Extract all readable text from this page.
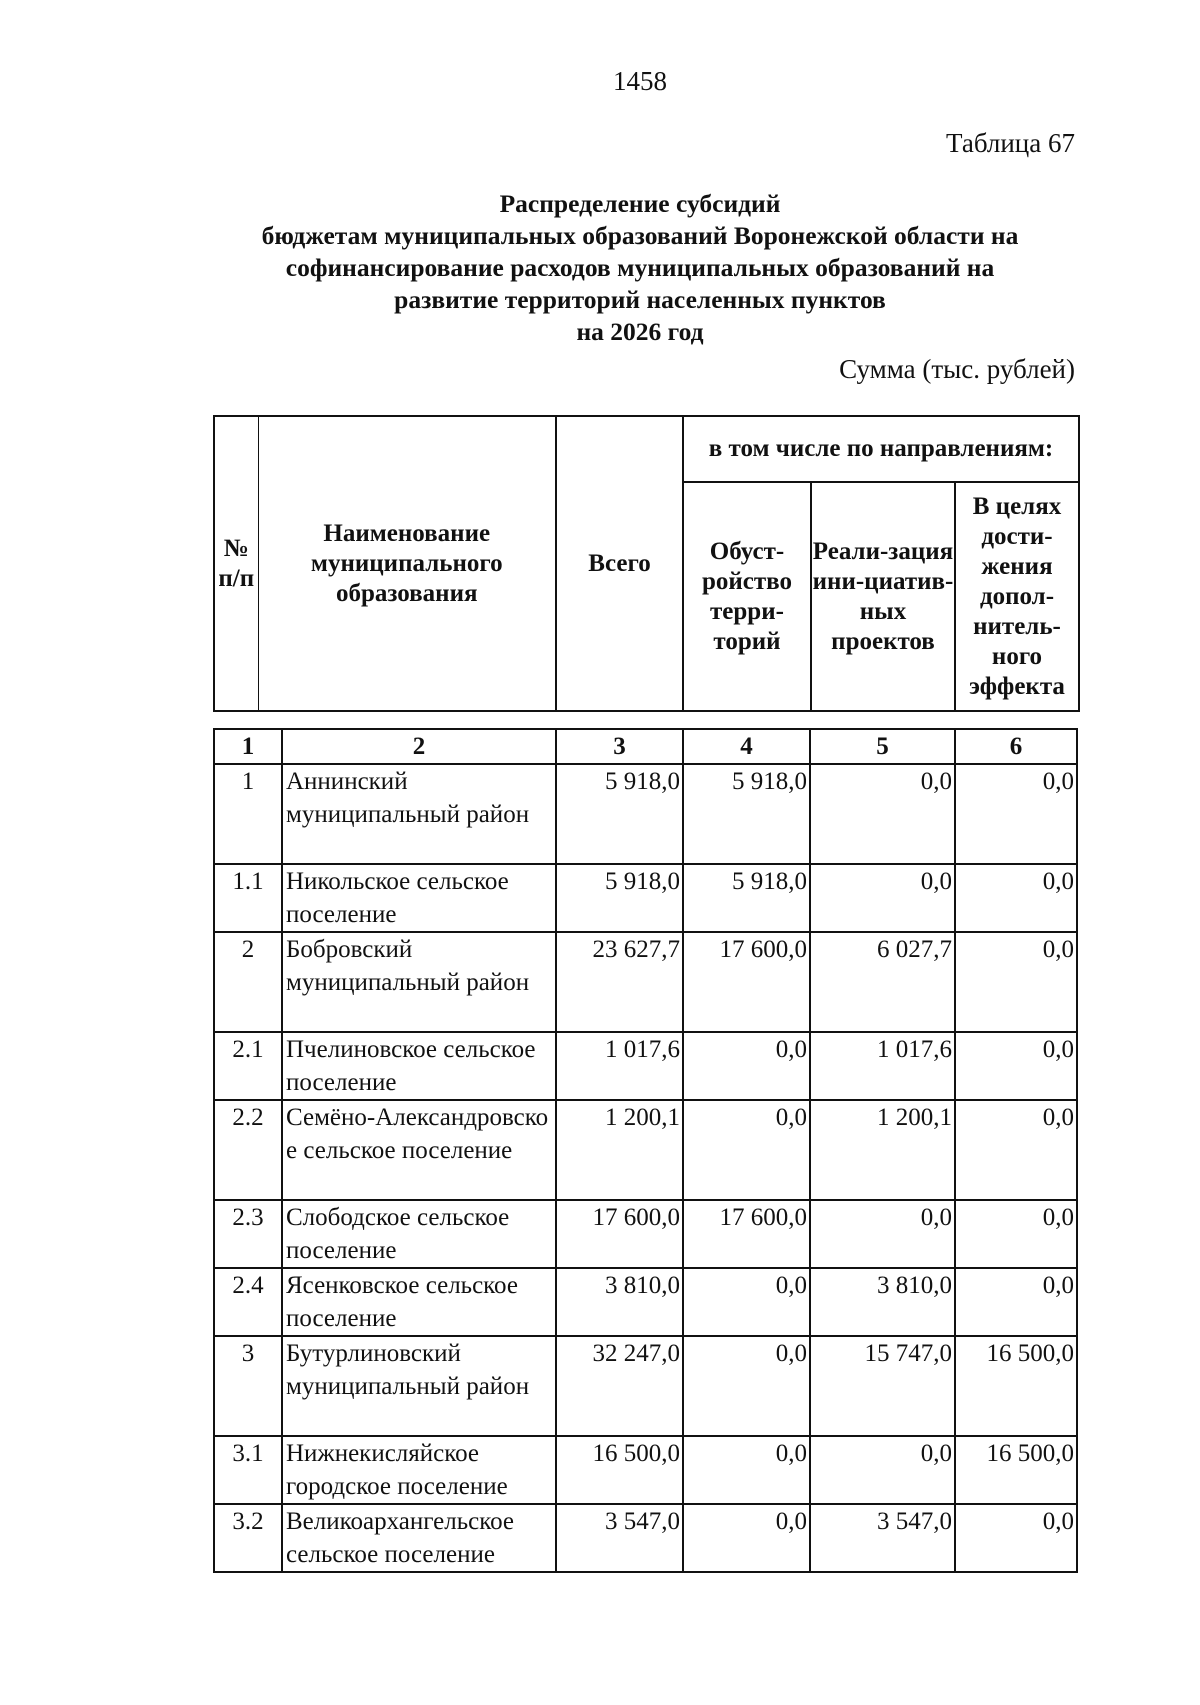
1458
Таблица 67
Распределение субсидий
бюджетам муниципальных образований Воронежской области на
софинансирование расходов муниципальных образований на
развитие территорий населенных пунктов
на 2026 год
Сумма (тыс. рублей)
№ п/п	Наименование муниципального образования	Всего	в том числе по направлениям:		
			Обуст-ройство терри-торий	Реали-зация ини-циатив-ных проектов	В целях дости-жения допол-нитель-ного эффекта
1	2	3	4	5	6
1	Аннинский муниципальный район	5 918,0	5 918,0	0,0	0,0
1.1	Никольское сельское поселение	5 918,0	5 918,0	0,0	0,0
2	Бобровский муниципальный район	23 627,7	17 600,0	6 027,7	0,0
2.1	Пчелиновское сельское поселение	1 017,6	0,0	1 017,6	0,0
2.2	Семёно-Александровское сельское поселение	1 200,1	0,0	1 200,1	0,0
2.3	Слободское сельское поселение	17 600,0	17 600,0	0,0	0,0
2.4	Ясенковское сельское поселение	3 810,0	0,0	3 810,0	0,0
3	Бутурлиновский муниципальный район	32 247,0	0,0	15 747,0	16 500,0
3.1	Нижнекисляйское городское поселение	16 500,0	0,0	0,0	16 500,0
3.2	Великоархангельское сельское поселение	3 547,0	0,0	3 547,0	0,0
